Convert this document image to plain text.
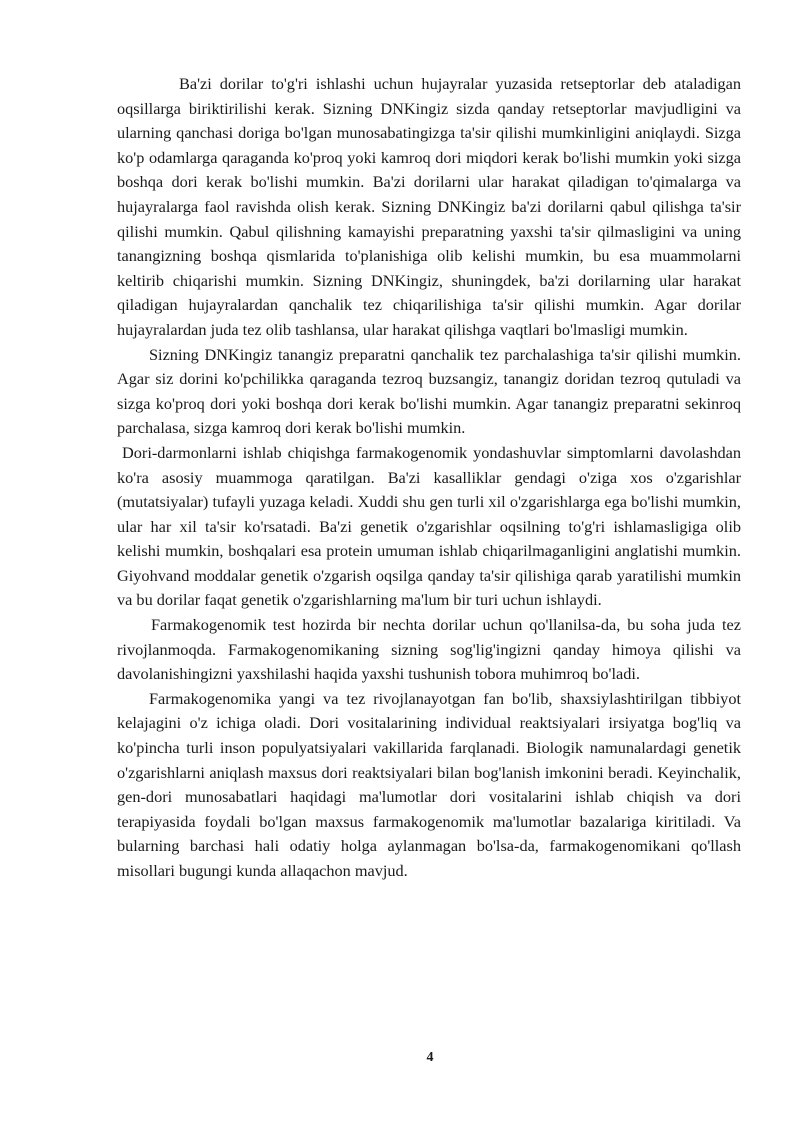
Ba'zi dorilar to'g'ri ishlashi uchun hujayralar yuzasida retseptorlar deb ataladigan oqsillarga biriktirilishi kerak. Sizning DNKingiz sizda qanday retseptorlar mavjudligini va ularning qanchasi doriga bo'lgan munosabatingizga ta'sir qilishi mumkinligini aniqlaydi. Sizga ko'p odamlarga qaraganda ko'proq yoki kamroq dori miqdori kerak bo'lishi mumkin yoki sizga boshqa dori kerak bo'lishi mumkin. Ba'zi dorilarni ular harakat qiladigan to'qimalarga va hujayralarga faol ravishda olish kerak. Sizning DNKingiz ba'zi dorilarni qabul qilishga ta'sir qilishi mumkin. Qabul qilishning kamayishi preparatning yaxshi ta'sir qilmasligini va uning tanangizning boshqa qismlarida to'planishiga olib kelishi mumkin, bu esa muammolarni keltirib chiqarishi mumkin. Sizning DNKingiz, shuningdek, ba'zi dorilarning ular harakat qiladigan hujayralardan qanchalik tez chiqarilishiga ta'sir qilishi mumkin. Agar dorilar hujayralardan juda tez olib tashlansa, ular harakat qilishga vaqtlari bo'lmasligi mumkin.

Sizning DNKingiz tanangiz preparatni qanchalik tez parchalashiga ta'sir qilishi mumkin. Agar siz dorini ko'pchilikka qaraganda tezroq buzsangiz, tanangiz doridan tezroq qutuladi va sizga ko'proq dori yoki boshqa dori kerak bo'lishi mumkin. Agar tanangiz preparatni sekinroq parchalasa, sizga kamroq dori kerak bo'lishi mumkin.

Dori-darmonlarni ishlab chiqishga farmakogenomik yondashuvlar simptomlarni davolashdan ko'ra asosiy muammoga qaratilgan. Ba'zi kasalliklar gendagi o'ziga xos o'zgarishlar (mutatsiyalar) tufayli yuzaga keladi. Xuddi shu gen turli xil o'zgarishlarga ega bo'lishi mumkin, ular har xil ta'sir ko'rsatadi. Ba'zi genetik o'zgarishlar oqsilning to'g'ri ishlamasligiga olib kelishi mumkin, boshqalari esa protein umuman ishlab chiqarilmaganligini anglatishi mumkin. Giyohvand moddalar genetik o'zgarish oqsilga qanday ta'sir qilishiga qarab yaratilishi mumkin va bu dorilar faqat genetik o'zgarishlarning ma'lum bir turi uchun ishlaydi.

Farmakogenomik test hozirda bir nechta dorilar uchun qo'llanilsa-da, bu soha juda tez rivojlanmoqda. Farmakogenomikaning sizning sog'lig'ingizni qanday himoya qilishi va davolanishingizni yaxshilashi haqida yaxshi tushunish tobora muhimroq bo'ladi.

Farmakogenomika yangi va tez rivojlanayotgan fan bo'lib, shaxsiylashtirilgan tibbiyot kelajagini o'z ichiga oladi. Dori vositalarining individual reaktsiyalari irsiyatga bog'liq va ko'pincha turli inson populyatsiyalari vakillarida farqlanadi. Biologik namunalardagi genetik o'zgarishlarni aniqlash maxsus dori reaktsiyalari bilan bog'lanish imkonini beradi. Keyinchalik, gen-dori munosabatlari haqidagi ma'lumotlar dori vositalarini ishlab chiqish va dori terapiyasida foydali bo'lgan maxsus farmakogenomik ma'lumotlar bazalariga kiritiladi. Va bularning barchasi hali odatiy holga aylanmagan bo'lsa-da, farmakogenomikani qo'llash misollari bugungi kunda allaqachon mavjud.

4
